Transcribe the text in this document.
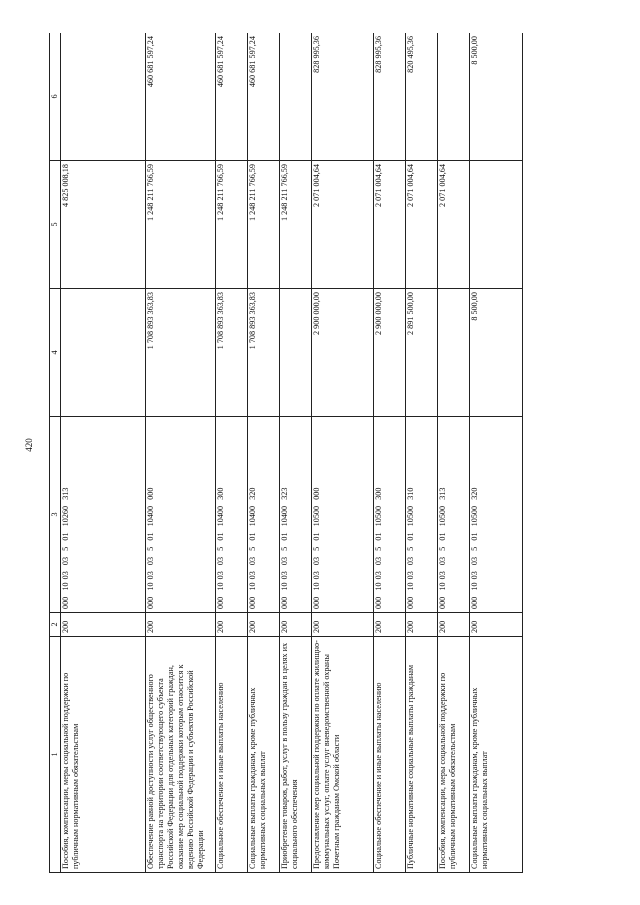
420
1	2	3	4	5	6
Пособия, компенсации, меры социальной поддержки по публичным нормативным обязательствам	200	000  10 03  03  5  01  10260  313		4 825 008,18	
Обеспечение равной доступности услуг общественного транспорта на территории соответствующего субъекта Российской Федерации для отдельных категорий граждан, оказание мер социальной поддержки которым относится к ведению Российской Федерации и субъектов Российской Федерации	200	000  10 03  03  5  01  10400  000	1 708 893 363,83	1 248 211 766,59	460 681 597,24
Социальное обеспечение и иные выплаты населению	200	000  10 03  03  5  01  10400  300	1 708 893 363,83	1 248 211 766,59	460 681 597,24
Социальные выплаты гражданам, кроме публичных нормативных социальных выплат	200	000  10 03  03  5  01  10400  320	1 708 893 363,83	1 248 211 766,59	460 681 597,24
Приобретение товаров, работ, услуг в пользу граждан в целях их социального обеспечения	200	000  10 03  03  5  01  10400  323		1 248 211 766,59	
Предоставление мер социальной поддержки по оплате жилищно-коммунальных услуг, оплате услуг вневедомственной охраны Почетным гражданам Омской области	200	000  10 03  03  5  01  10500  000	2 900 000,00	2 071 004,64	828 995,36
Социальное обеспечение и иные выплаты населению	200	000  10 03  03  5  01  10500  300	2 900 000,00	2 071 004,64	828 995,36
Публичные нормативные социальные выплаты гражданам	200	000  10 03  03  5  01  10500  310	2 891 500,00	2 071 004,64	820 495,36
Пособия, компенсации, меры социальной поддержки по публичным нормативным обязательствам	200	000  10 03  03  5  01  10500  313		2 071 004,64	
Социальные выплаты гражданам, кроме публичных нормативных социальных выплат	200	000  10 03  03  5  01  10500  320	8 500,00		8 500,00
